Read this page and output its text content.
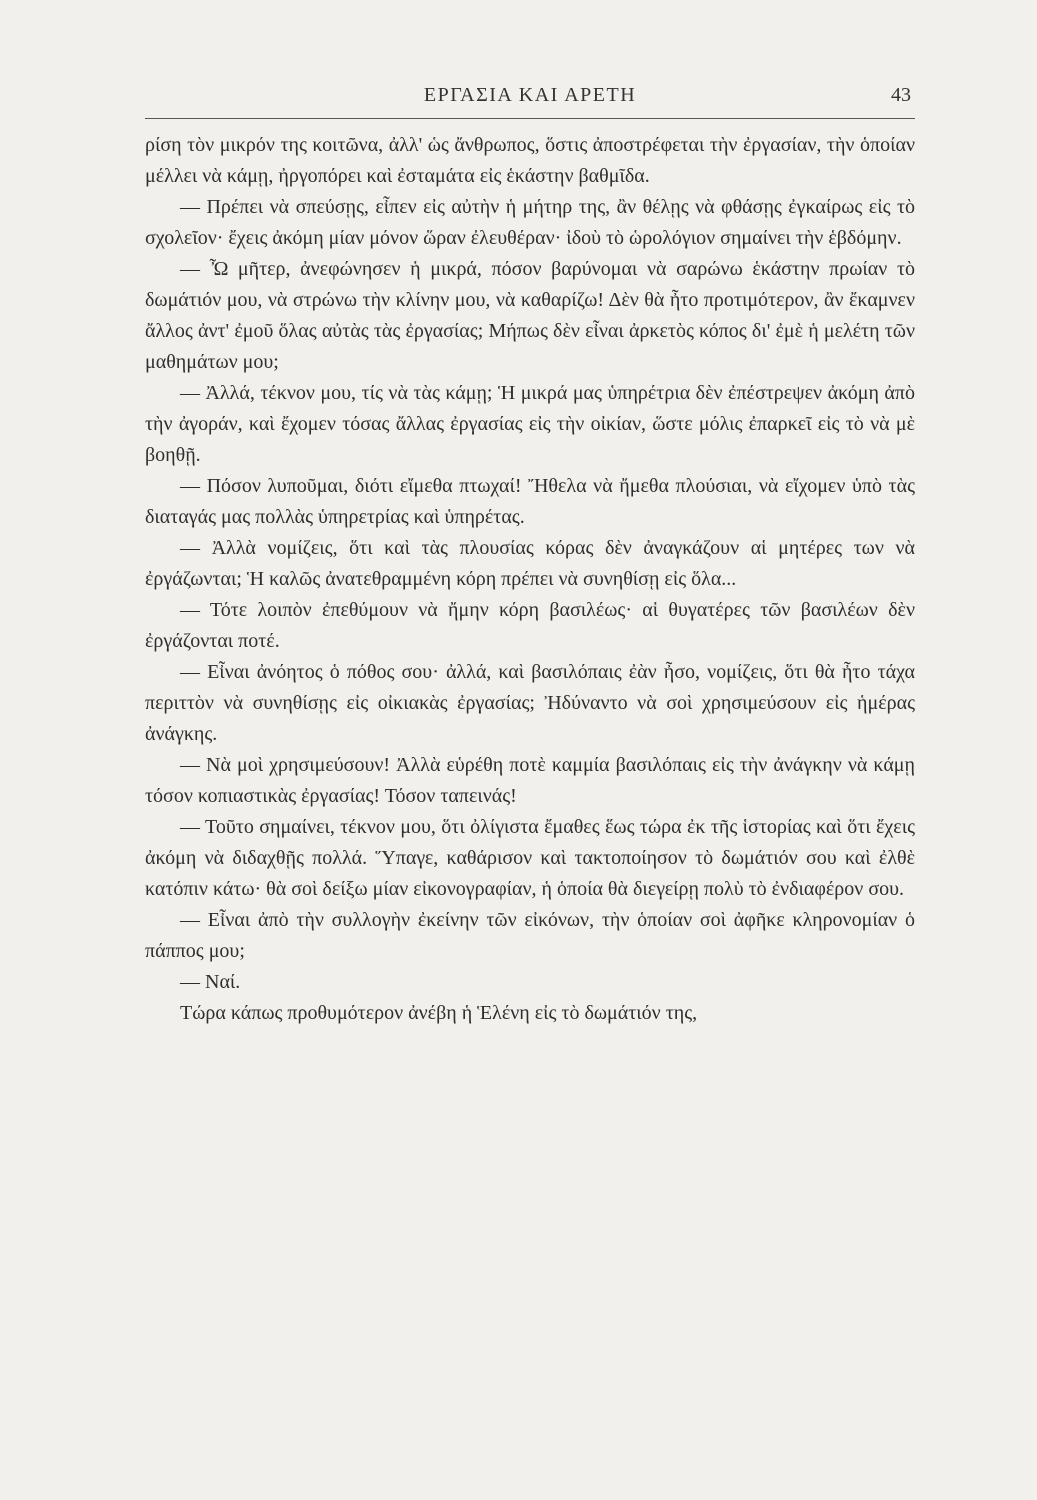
ΕΡΓΑΣΙΑ ΚΑΙ ΑΡΕΤΗ	43

ρίση τὸν μικρόν της κοιτῶνα, ἀλλ' ὡς ἄνθρωπος, ὅστις ἀποστρέφεται τὴν ἐργασίαν, τὴν ὁποίαν μέλλει νὰ κάμῃ, ἠργοπόρει καὶ ἐσταμάτα εἰς ἑκάστην βαθμῖδα.

— Πρέπει νὰ σπεύσῃς, εἶπεν εἰς αὐτὴν ἡ μήτηρ της, ἂν θέλῃς νὰ φθάσῃς ἐγκαίρως εἰς τὸ σχολεῖον· ἔχεις ἀκόμη μίαν μόνον ὥραν ἐλευθέραν· ἰδοὺ τὸ ὡρολόγιον σημαίνει τὴν ἑβδόμην.

— Ὦ μῆτερ, ἀνεφώνησεν ἡ μικρά, πόσον βαρύνομαι νὰ σαρώνω ἑκάστην πρωίαν τὸ δωμάτιόν μου, νὰ στρώνω τὴν κλίνην μου, νὰ καθαρίζω! Δὲν θὰ ἦτο προτιμότερον, ἂν ἔκαμνεν ἄλλος ἀντ' ἐμοῦ ὅλας αὐτὰς τὰς ἐργασίας; Μήπως δὲν εἶναι ἀρκετὸς κόπος δι' ἐμὲ ἡ μελέτη τῶν μαθημάτων μου;

— Ἀλλά, τέκνον μου, τίς νὰ τὰς κάμῃ; Ἡ μικρά μας ὑπηρέτρια δὲν ἐπέστρεψεν ἀκόμη ἀπὸ τὴν ἀγοράν, καὶ ἔχομεν τόσας ἄλλας ἐργασίας εἰς τὴν οἰκίαν, ὥστε μόλις ἐπαρκεῖ εἰς τὸ νὰ μὲ βοηθῇ.

— Πόσον λυποῦμαι, διότι εἴμεθα πτωχαί! Ἤθελα νὰ ἤμεθα πλούσιαι, νὰ εἴχομεν ὑπὸ τὰς διαταγάς μας πολλὰς ὑπηρετρίας καὶ ὑπηρέτας.

— Ἀλλὰ νομίζεις, ὅτι καὶ τὰς πλουσίας κόρας δὲν ἀναγκάζουν αἱ μητέρες των νὰ ἐργάζωνται; Ἡ καλῶς ἀνατεθραμμένη κόρη πρέπει νὰ συνηθίσῃ εἰς ὅλα...

— Τότε λοιπὸν ἐπεθύμουν νὰ ἤμην κόρη βασιλέως· αἱ θυγατέρες τῶν βασιλέων δὲν ἐργάζονται ποτέ.

— Εἶναι ἀνόητος ὁ πόθος σου· ἀλλά, καὶ βασιλόπαις ἐὰν ἦσο, νομίζεις, ὅτι θὰ ἦτο τάχα περιττὸν νὰ συνηθίσῃς εἰς οἰκιακὰς ἐργασίας; Ἠδύναντο νὰ σοὶ χρησιμεύσουν εἰς ἡμέρας ἀνάγκης.

— Νὰ μοὶ χρησιμεύσουν! Ἀλλὰ εὑρέθη ποτὲ καμμία βασιλόπαις εἰς τὴν ἀνάγκην νὰ κάμῃ τόσον κοπιαστικὰς ἐργασίας! Τόσον ταπεινάς!

— Τοῦτο σημαίνει, τέκνον μου, ὅτι ὀλίγιστα ἔμαθες ἕως τώρα ἐκ τῆς ἱστορίας καὶ ὅτι ἔχεις ἀκόμη νὰ διδαχθῇς πολλά. Ὕπαγε, καθάρισον καὶ τακτοποίησον τὸ δωμάτιόν σου καὶ ἐλθὲ κατόπιν κάτω· θὰ σοὶ δείξω μίαν εἰκονογραφίαν, ἡ ὁποία θὰ διεγείρῃ πολὺ τὸ ἐνδιαφέρον σου.

— Εἶναι ἀπὸ τὴν συλλογὴν ἐκείνην τῶν εἰκόνων, τὴν ὁποίαν σοὶ ἀφῆκε κληρονομίαν ὁ πάππος μου;

— Ναί.

Τώρα κάπως προθυμότερον ἀνέβη ἡ Ἑλένη εἰς τὸ δωμάτιόν της,
